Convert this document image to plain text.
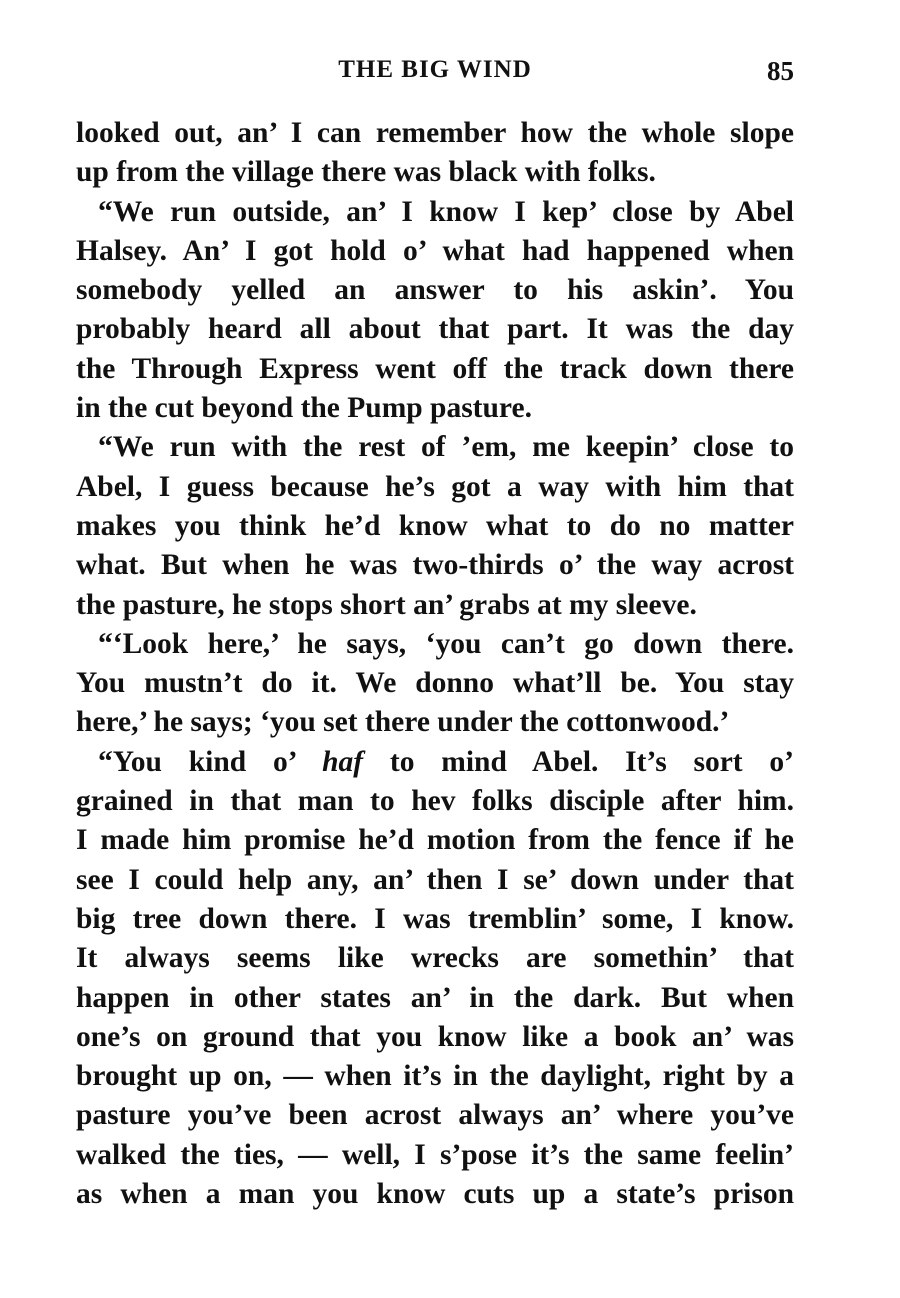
THE BIG WIND	85
looked out, an’ I can remember how the whole slope
up from the village there was black with folks.
“We run outside, an’ I know I kep’ close by Abel
Halsey. An’ I got hold o’ what had happened when
somebody yelled an answer to his askin’. You
probably heard all about that part. It was the day
the Through Express went off the track down there
in the cut beyond the Pump pasture.
“We run with the rest of ’em, me keepin’ close to
Abel, I guess because he’s got a way with him that
makes you think he’d know what to do no matter
what. But when he was two-thirds o’ the way acrost
the pasture, he stops short an’ grabs at my sleeve.
“‘Look here,’ he says, ‘you can’t go down there.
You mustn’t do it. We donno what’ll be. You stay
here,’ he says; ‘you set there under the cottonwood.’
“You kind o’ haf to mind Abel. It’s sort o’
grained in that man to hev folks disciple after him.
I made him promise he’d motion from the fence if he
see I could help any, an’ then I se’ down under that
big tree down there. I was tremblin’ some, I know.
It always seems like wrecks are somethin’ that
happen in other states an’ in the dark. But when
one’s on ground that you know like a book an’ was
brought up on, — when it’s in the daylight, right by a
pasture you’ve been acrost always an’ where you’ve
walked the ties, — well, I s’pose it’s the same feelin’
as when a man you know cuts up a state’s prison
